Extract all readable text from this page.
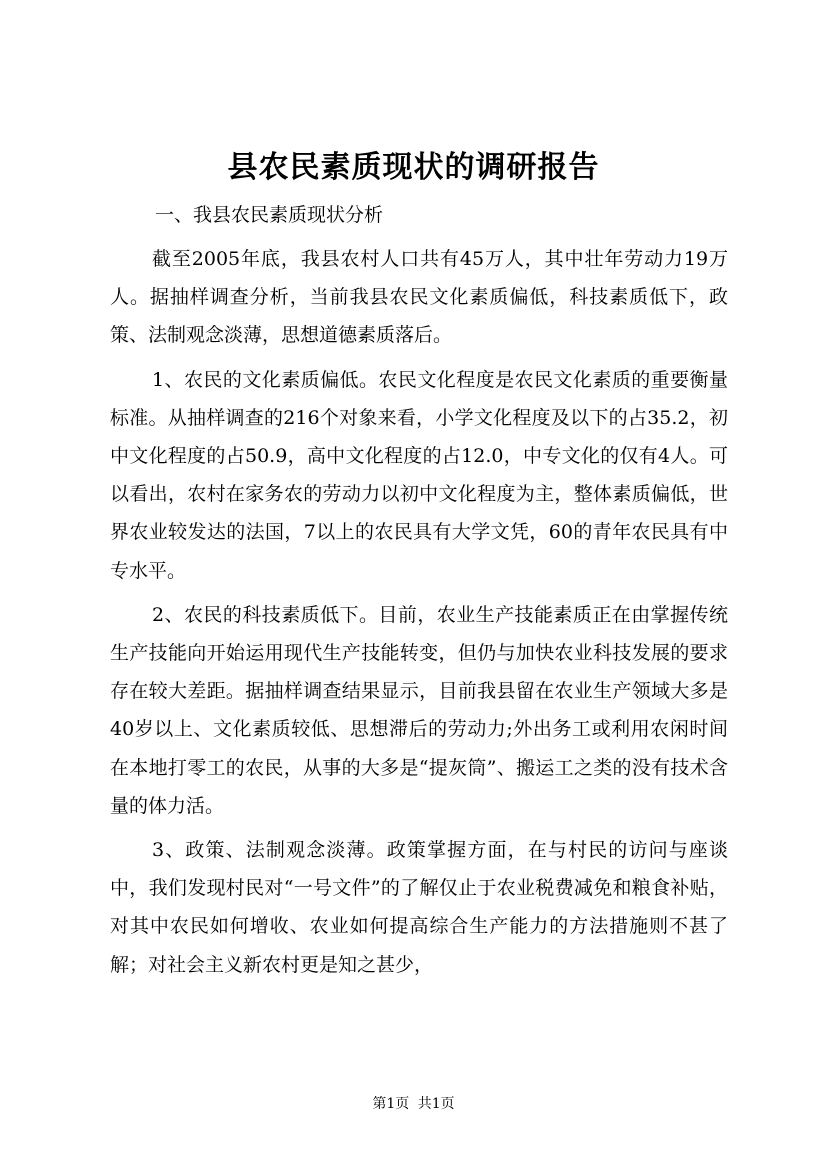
县农民素质现状的调研报告

一、我县农民素质现状分析

截至2005年底，我县农村人口共有45万人，其中壮年劳动力19万人。据抽样调查分析，当前我县农民文化素质偏低，科技素质低下，政策、法制观念淡薄，思想道德素质落后。

1、农民的文化素质偏低。农民文化程度是农民文化素质的重要衡量标准。从抽样调查的216个对象来看，小学文化程度及以下的占35.2，初中文化程度的占50.9，高中文化程度的占12.0，中专文化的仅有4人。可以看出，农村在家务农的劳动力以初中文化程度为主，整体素质偏低，世界农业较发达的法国，7以上的农民具有大学文凭，60的青年农民具有中专水平。

2、农民的科技素质低下。目前，农业生产技能素质正在由掌握传统生产技能向开始运用现代生产技能转变，但仍与加快农业科技发展的要求存在较大差距。据抽样调查结果显示，目前我县留在农业生产领域大多是40岁以上、文化素质较低、思想滞后的劳动力;外出务工或利用农闲时间在本地打零工的农民，从事的大多是“提灰筒”、搬运工之类的没有技术含量的体力活。

3、政策、法制观念淡薄。政策掌握方面，在与村民的访问与座谈中，我们发现村民对“一号文件”的了解仅止于农业税费减免和粮食补贴，对其中农民如何增收、农业如何提高综合生产能力的方法措施则不甚了解；对社会主义新农村更是知之甚少，

第1页 共1页
